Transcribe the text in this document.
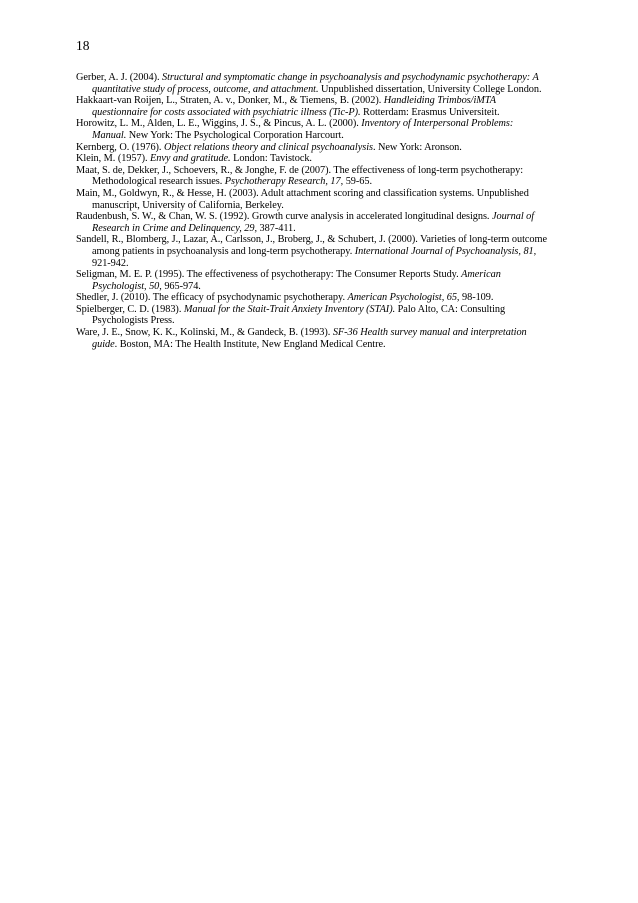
18

Gerber, A. J. (2004). Structural and symptomatic change in psychoanalysis and psychodynamic psychotherapy: A quantitative study of process, outcome, and attachment. Unpublished dissertation, University College London.

Hakkaart-van Roijen, L., Straten, A. v., Donker, M., & Tiemens, B. (2002). Handleiding Trimbos/iMTA questionnaire for costs associated with psychiatric illness (Tic-P). Rotterdam: Erasmus Universiteit.

Horowitz, L. M., Alden, L. E., Wiggins, J. S., & Pincus, A. L. (2000). Inventory of Interpersonal Problems: Manual. New York: The Psychological Corporation Harcourt.

Kernberg, O. (1976). Object relations theory and clinical psychoanalysis. New York: Aronson.

Klein, M. (1957). Envy and gratitude. London: Tavistock.

Maat, S. de, Dekker, J., Schoevers, R., & Jonghe, F. de (2007). The effectiveness of long-term psychotherapy: Methodological research issues. Psychotherapy Research, 17, 59-65.

Main, M., Goldwyn, R., & Hesse, H. (2003). Adult attachment scoring and classification systems. Unpublished manuscript, University of California, Berkeley.

Raudenbush, S. W., & Chan, W. S. (1992). Growth curve analysis in accelerated longitudinal designs. Journal of Research in Crime and Delinquency, 29, 387-411.

Sandell, R., Blomberg, J., Lazar, A., Carlsson, J., Broberg, J., & Schubert, J. (2000). Varieties of long-term outcome among patients in psychoanalysis and long-term psychotherapy. International Journal of Psychoanalysis, 81, 921-942.

Seligman, M. E. P. (1995). The effectiveness of psychotherapy: The Consumer Reports Study. American Psychologist, 50, 965-974.

Shedler, J. (2010). The efficacy of psychodynamic psychotherapy. American Psychologist, 65, 98-109.

Spielberger, C. D. (1983). Manual for the Stait-Trait Anxiety Inventory (STAI). Palo Alto, CA: Consulting Psychologists Press.

Ware, J. E., Snow, K. K., Kolinski, M., & Gandeck, B. (1993). SF-36 Health survey manual and interpretation guide. Boston, MA: The Health Institute, New England Medical Centre.
